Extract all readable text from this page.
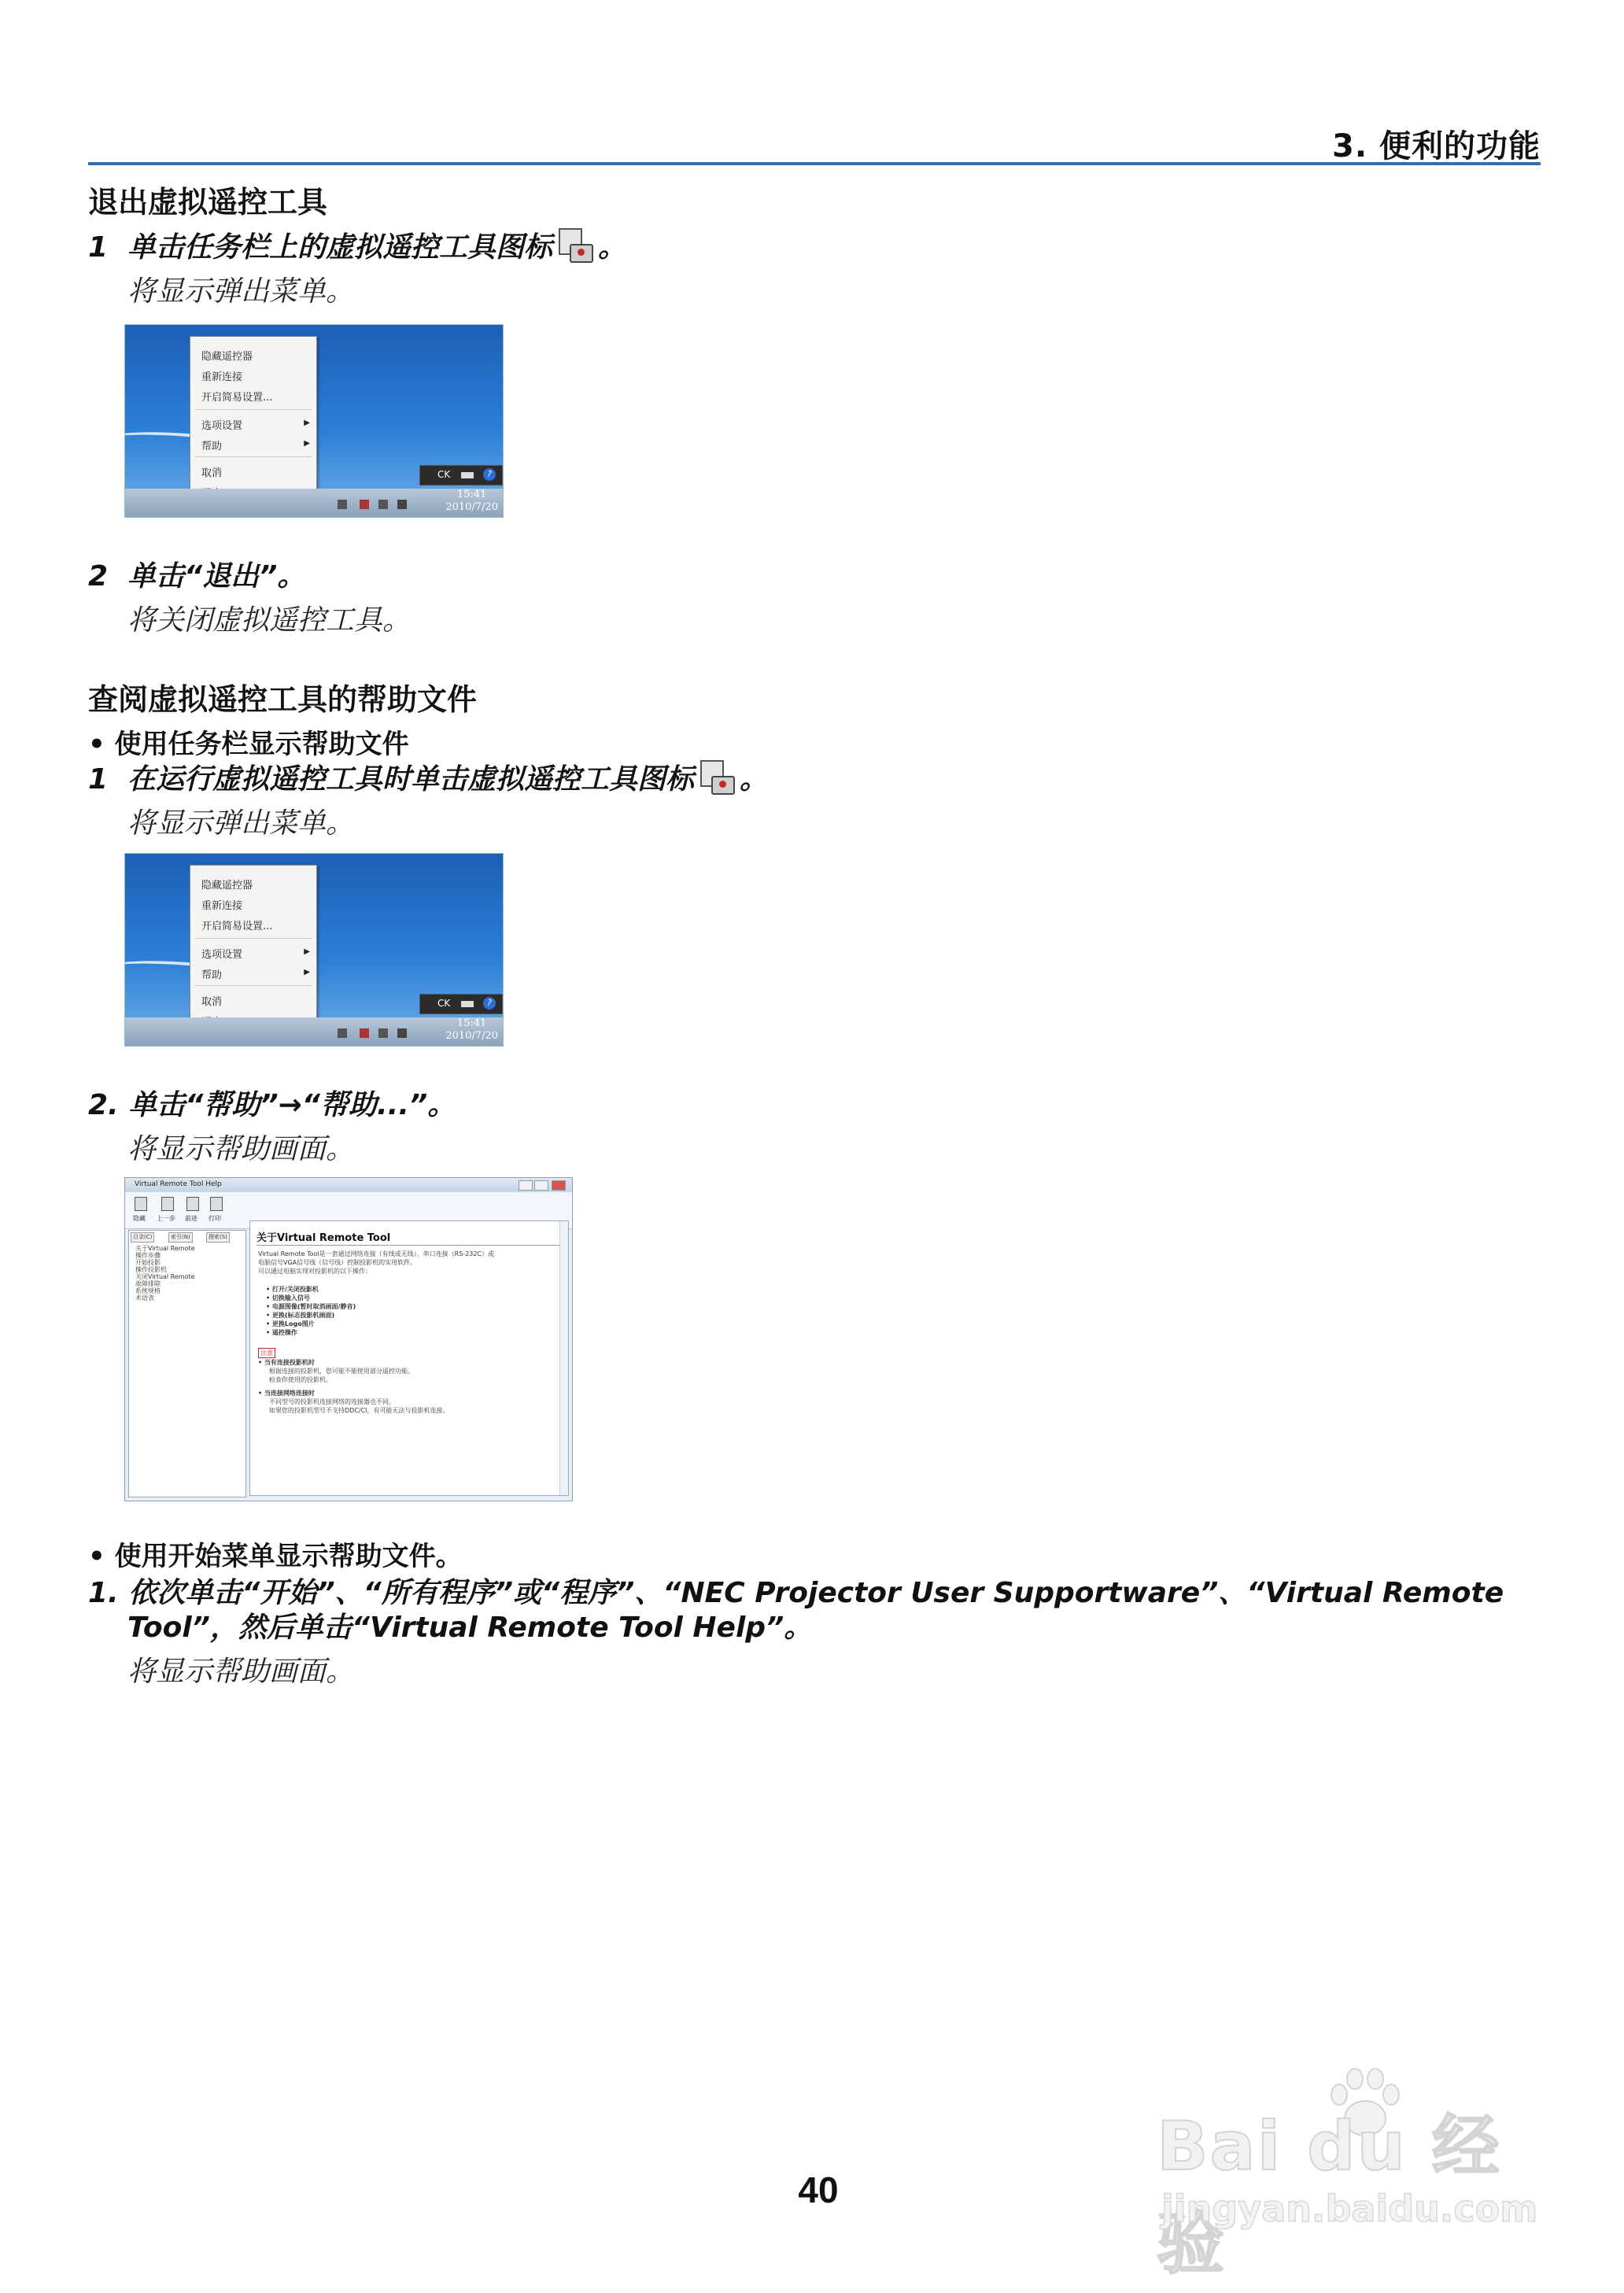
3. 便利的功能
退出虚拟遥控工具
1 单击任务栏上的虚拟遥控工具图标 。
将显示弹出菜单。
隐藏遥控器
重新连接
开启简易设置...
选项设置	▶
帮助	▶
取消	CK	?
15:41
2010/7/20
2 单击“退出”。
将关闭虚拟遥控工具。
查阅虚拟遥控工具的帮助文件
• 使用任务栏显示帮助文件
1 在运行虚拟遥控工具时单击虚拟遥控工具图标 。
将显示弹出菜单。
隐藏遥控器
重新连接
开启简易设置...
选项设置	▶
帮助	▶
取消	CK	?
15:41
2010/7/20
2. 单击“帮助”→“帮助...”。
将显示帮助画面。
Virtual Remote Tool Help
隐藏 上一步 前进 打印
目录(C)	索引(N)	搜索(S)
关于Virtual Remote
操作步骤
开始投影
操作投影机
关闭Virtual Remote
故障排除
系统规格
术语表
关于Virtual Remote Tool
Virtual Remote Tool是一套通过网络连接（有线或无线）、串口连接（RS-232C）或
电脑信号VGA信号线（信号线）控制投影机的实用软件。
可以通过电脑实现对投影机的以下操作：
• 打开/关闭投影机
• 切换输入信号
• 电源图像(暂时取消画面/静音)
• 更换(标志投影机画面)
• 更换Logo图片
• 遥控操作
注意
• 当有连接投影机时
根据连接的投影机，您可能不能使用部分遥控功能。
检查你使用的投影机。
• 当连接网络连接时
不同型号的投影机连接网络的连接器也不同。
如果您的投影机型号不支持DDC/CI，有可能无法与投影机连接。
• 使用开始菜单显示帮助文件。
1. 依次单击“开始”、“所有程序”或“程序”、“NEC Projector User Supportware”、“Virtual Remote
Tool”，然后单击“Virtual Remote Tool Help”。
将显示帮助画面。
40
Bai du 经验
jingyan.baidu.com
